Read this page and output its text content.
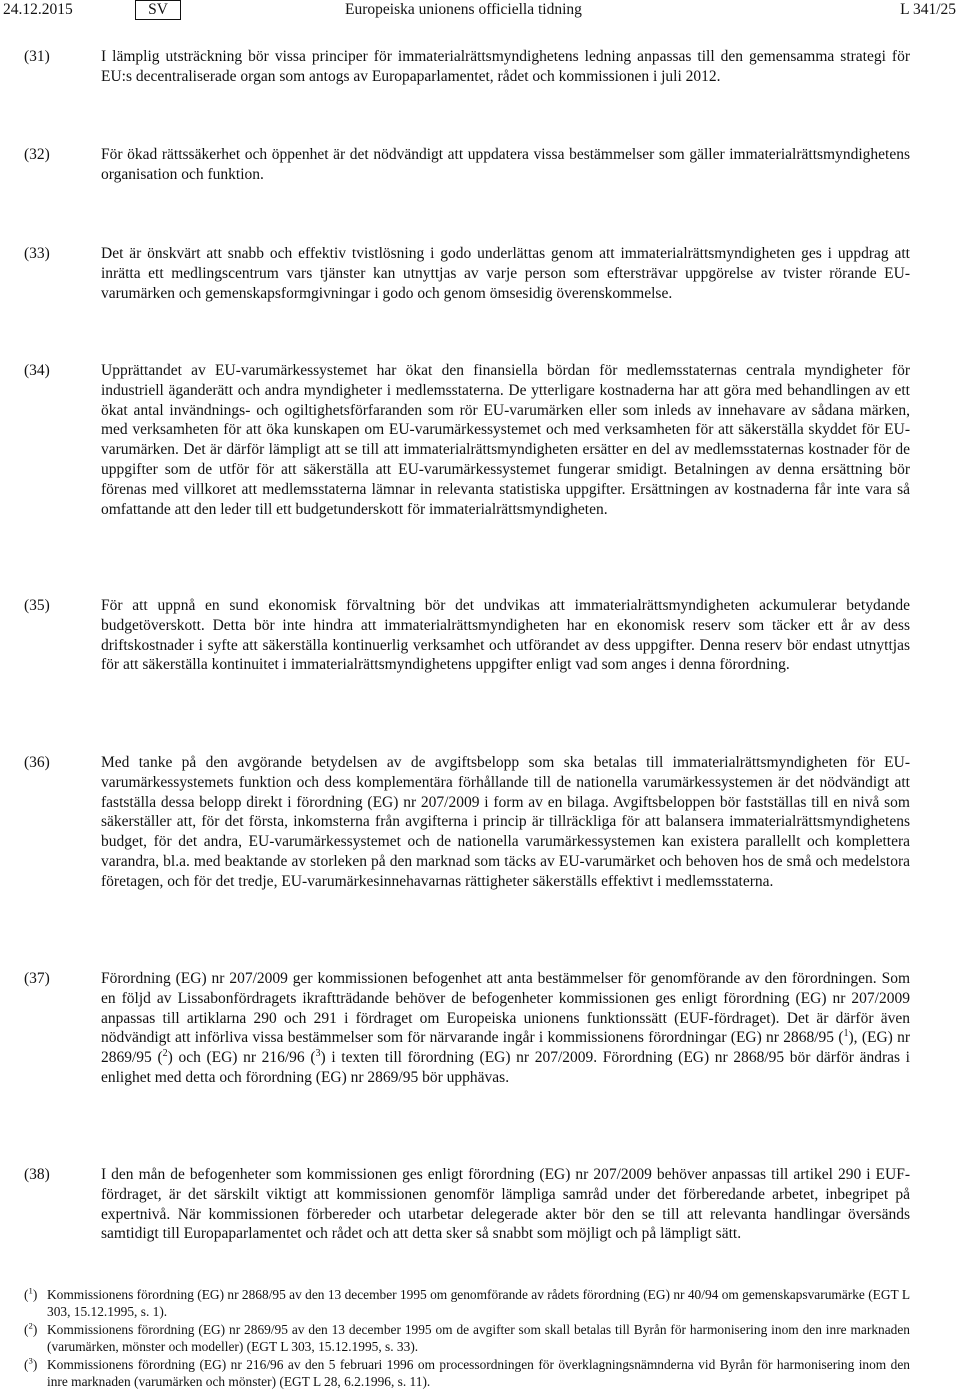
24.12.2015	SV	Europeiska unionens officiella tidning	L 341/25
(31)	I lämplig utsträckning bör vissa principer för immaterialrättsmyndighetens ledning anpassas till den gemensamma strategi för EU:s decentraliserade organ som antogs av Europaparlamentet, rådet och kommissionen i juli 2012.
(32)	För ökad rättssäkerhet och öppenhet är det nödvändigt att uppdatera vissa bestämmelser som gäller immaterialrättsmyndighetens organisation och funktion.
(33)	Det är önskvärt att snabb och effektiv tvistlösning i godo underlättas genom att immaterialrättsmyndigheten ges i uppdrag att inrätta ett medlingscentrum vars tjänster kan utnyttjas av varje person som eftersträvar uppgörelse av tvister rörande EU-varumärken och gemenskapsformgivningar i godo och genom ömsesidig överenskommelse.
(34)	Upprättandet av EU-varumärkessystemet har ökat den finansiella bördan för medlemsstaternas centrala myndigheter för industriell äganderätt och andra myndigheter i medlemsstaterna. De ytterligare kostnaderna har att göra med behandlingen av ett ökat antal invändnings- och ogiltighetsförfaranden som rör EU-varumärken eller som inleds av innehavare av sådana märken, med verksamheten för att öka kunskapen om EU-varumärkessystemet och med verksamheten för att säkerställa skyddet för EU-varumärken. Det är därför lämpligt att se till att immaterialrättsmyndigheten ersätter en del av medlemsstaternas kostnader för de uppgifter som de utför för att säkerställa att EU-varumärkessystemet fungerar smidigt. Betalningen av denna ersättning bör förenas med villkoret att medlemsstaterna lämnar in relevanta statistiska uppgifter. Ersättningen av kostnaderna får inte vara så omfattande att den leder till ett budgetunderskott för immaterialrättsmyndigheten.
(35)	För att uppnå en sund ekonomisk förvaltning bör det undvikas att immaterialrättsmyndigheten ackumulerar betydande budgetöverskott. Detta bör inte hindra att immaterialrättsmyndigheten har en ekonomisk reserv som täcker ett år av dess driftskostnader i syfte att säkerställa kontinuerlig verksamhet och utförandet av dess uppgifter. Denna reserv bör endast utnyttjas för att säkerställa kontinuitet i immaterialrättsmyndighetens uppgifter enligt vad som anges i denna förordning.
(36)	Med tanke på den avgörande betydelsen av de avgiftsbelopp som ska betalas till immaterialrättsmyndigheten för EU-varumärkessystemets funktion och dess komplementära förhållande till de nationella varumärkessystemen är det nödvändigt att fastställa dessa belopp direkt i förordning (EG) nr 207/2009 i form av en bilaga. Avgiftsbeloppen bör fastställas till en nivå som säkerställer att, för det första, inkomsterna från avgifterna i princip är tillräckliga för att balansera immaterialrättsmyndighetens budget, för det andra, EU-varumärkessystemet och de nationella varumärkessystemen kan existera parallellt och komplettera varandra, bl.a. med beaktande av storleken på den marknad som täcks av EU-varumärket och behoven hos de små och medelstora företagen, och för det tredje, EU-varumärkesinnehavarnas rättigheter säkerställs effektivt i medlemsstaterna.
(37)	Förordning (EG) nr 207/2009 ger kommissionen befogenhet att anta bestämmelser för genomförande av den förordningen. Som en följd av Lissabonfördragets ikraftträdande behöver de befogenheter kommissionen ges enligt förordning (EG) nr 207/2009 anpassas till artiklarna 290 och 291 i fördraget om Europeiska unionens funktionssätt (EUF-fördraget). Det är därför även nödvändigt att införliva vissa bestämmelser som för närvarande ingår i kommissionens förordningar (EG) nr 2868/95 ($^1$), (EG) nr 2869/95 ($^2$) och (EG) nr 216/96 ($^3$) i texten till förordning (EG) nr 207/2009. Förordning (EG) nr 2868/95 bör därför ändras i enlighet med detta och förordning (EG) nr 2869/95 bör upphävas.
(38)	I den mån de befogenheter som kommissionen ges enligt förordning (EG) nr 207/2009 behöver anpassas till artikel 290 i EUF-fördraget, är det särskilt viktigt att kommissionen genomför lämpliga samråd under det förberedande arbetet, inbegripet på expertnivå. När kommissionen förbereder och utarbetar delegerade akter bör den se till att relevanta handlingar översänds samtidigt till Europaparlamentet och rådet och att detta sker så snabbt som möjligt och på lämpligt sätt.
($^1$) Kommissionens förordning (EG) nr 2868/95 av den 13 december 1995 om genomförande av rådets förordning (EG) nr 40/94 om gemenskapsvarumärke (EGT L 303, 15.12.1995, s. 1).
($^2$) Kommissionens förordning (EG) nr 2869/95 av den 13 december 1995 om de avgifter som skall betalas till Byrån för harmonisering inom den inre marknaden (varumärken, mönster och modeller) (EGT L 303, 15.12.1995, s. 33).
($^3$) Kommissionens förordning (EG) nr 216/96 av den 5 februari 1996 om processordningen för överklagningsnämnderna vid Byrån för harmonisering inom den inre marknaden (varumärken och mönster) (EGT L 28, 6.2.1996, s. 11).
